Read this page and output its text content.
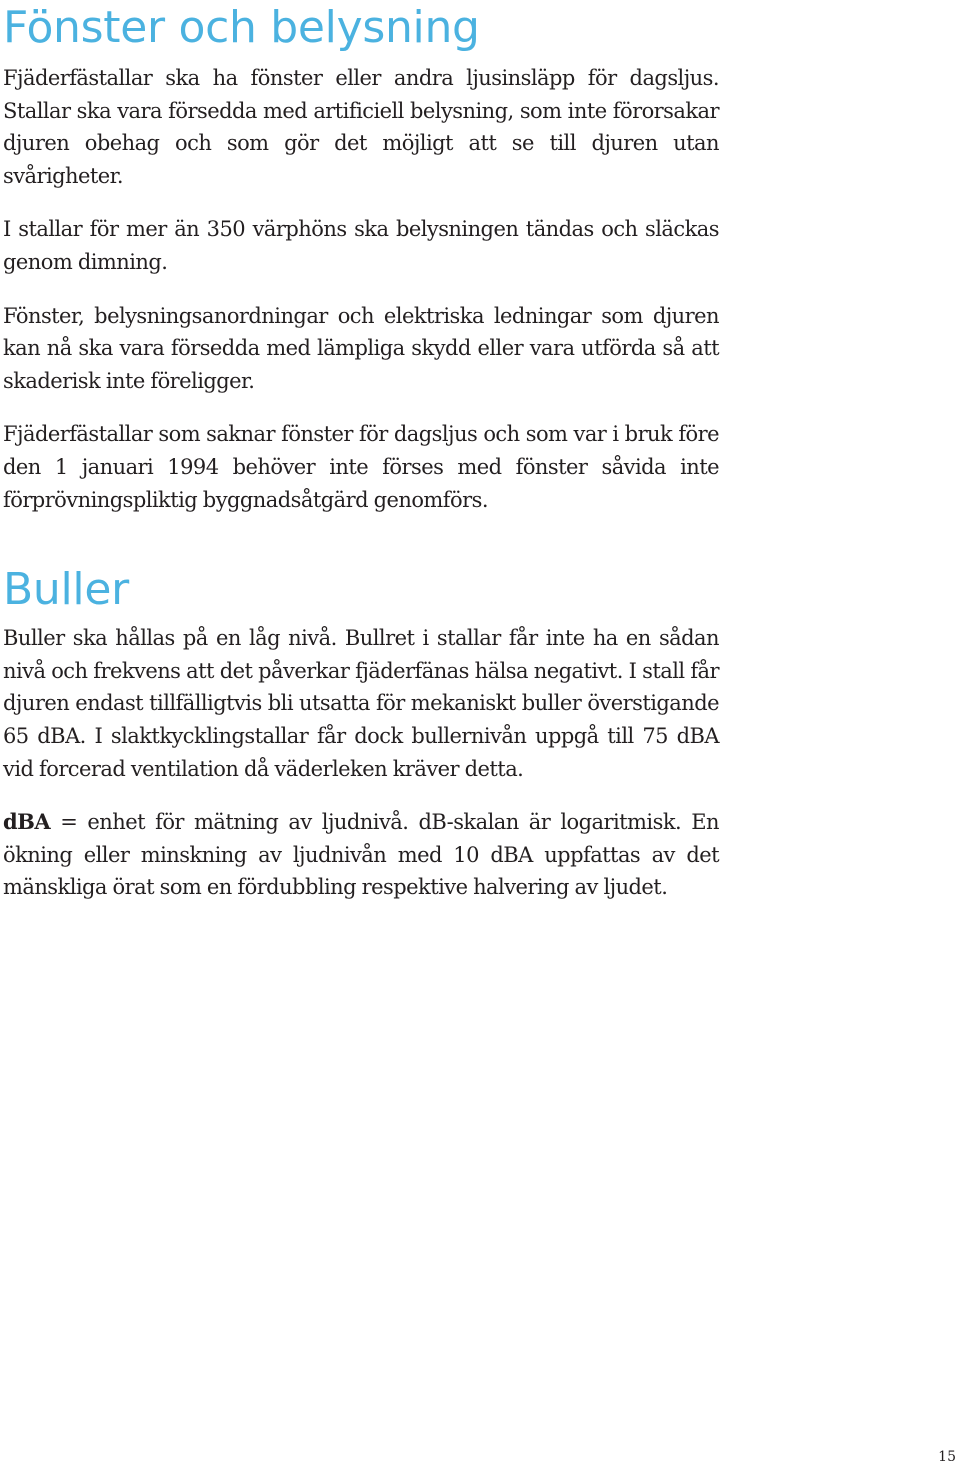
Fönster och belysning

Fjäderfästallar ska ha fönster eller andra ljusinsläpp för dagsljus. Stallar ska vara försedda med artificiell belysning, som inte förorsakar djuren obehag och som gör det möjligt att se till djuren utan svårigheter.

I stallar för mer än 350 värphöns ska belysningen tändas och släckas genom dimning.

Fönster, belysningsanordningar och elektriska ledningar som djuren kan nå ska vara försedda med lämpliga skydd eller vara utförda så att skaderisk inte föreligger.

Fjäderfästallar som saknar fönster för dagsljus och som var i bruk före den 1 januari 1994 behöver inte förses med fönster såvida inte förprövningspliktig byggnadsåtgärd genomförs.

Buller

Buller ska hållas på en låg nivå. Bullret i stallar får inte ha en sådan nivå och frekvens att det påverkar fjäderfänas hälsa negativt. I stall får djuren endast tillfälligtvis bli utsatta för mekaniskt buller överstigande 65 dBA. I slaktkycklingstallar får dock bullernivån uppgå till 75 dBA vid forcerad ventilation då väderleken kräver detta.

dBA = enhet för mätning av ljudnivå. dB-skalan är logaritmisk. En ökning eller minskning av ljudnivån med 10 dBA uppfattas av det mänskliga örat som en fördubbling respektive halvering av ljudet.

15
